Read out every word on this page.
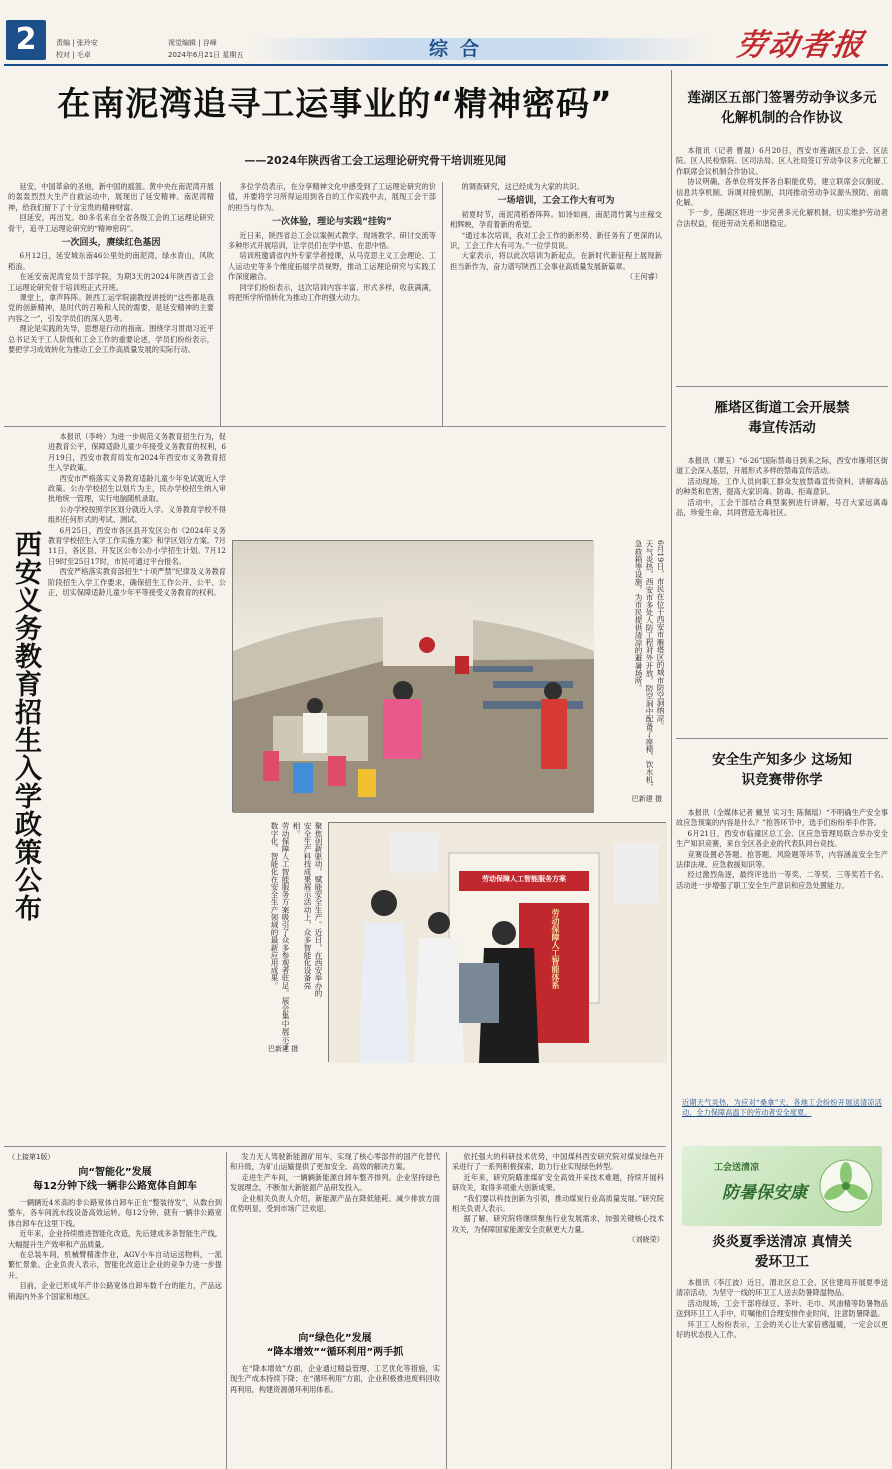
2	责编 | 张玲安
校对 | 毛卓
视觉编辑 | 谷峰
2024年6月21日 星期五	综合	劳动者报
在南泥湾追寻工运事业的“精神密码”
——2024年陕西省工会工运理论研究骨干培训班见闻

延安，中国革命的圣地，新中国的摇篮。黄中央在南泥湾开展的轰轰烈烈大生产自救运动中，展现出了延安精神、南泥湾精神，给我们留下了十分宝贵的精神财富。

回延安，再出发。80多名来自全省各级工会的工运理论研究骨干，追寻工运理论研究的“精神密码”。

一次回头，赓续红色基因

6月12日，延安城东南46公里处的南泥湾，绿水青山，风吹稻浪。

在延安南泥湾党员干部学院，为期3天的2024年陕西省工会工运理论研究骨干培训班正式开班。

课堂上，拿声阵阵。陕西工运学院副教授讲授的“这些都是我党的创新精神，是时代的召唤和人民的需要，是延安精神的主要内容之一”，引发学员们的深入思考。

理论是实践的先导，思想是行动的指南。围绕学习贯彻习近平总书记关于工人阶级和工会工作的重要论述，学员们纷纷表示，要把学习成效转化为推动工会工作高质量发展的实际行动。

多位学员表示，在分享精神文化中感受到了工运理论研究的价值，并要将学习所得运用到各自的工作实践中去，展现工会干部的担当与作为。

一次体验，理论与实践“挂钩”

近日来，陕西省总工会以案例式教学、现场教学、研讨交流等多种形式开展培训，让学员们在学中思、在思中悟。

培训班邀请省内外专家学者授课，从马克思主义工会理论、工人运动史等多个维度拓展学员视野，推动工运理论研究与实践工作深度融合。

同学们纷纷表示，这次培训内容丰富、形式多样，收获满满，将把所学所悟转化为推动工作的强大动力。

的调查研究，这已经成为大家的共识。

一场培训，工会工作大有可为

初夏时节，南泥湾稻香阵阵。如诗如画，南泥湾竹篱与庄稼交相辉映，孕育着新的希望。

“通过本次培训，我对工会工作的新形势、新任务有了更深的认识，工会工作大有可为。”一位学员说。

大家表示，将以此次培训为新起点，在新时代新征程上展现新担当新作为，奋力谱写陕西工会事业高质量发展新篇章。

（王何睿）

西安义务教育招生入学政策公布

本报讯（李岭）为进一步规范义务教育招生行为，促进教育公平，保障适龄儿童少年接受义务教育的权利，6月19日，西安市教育局发布2024年西安市义务教育招生入学政策。

西安市严格落实义务教育适龄儿童少年免试就近入学政策。公办学校招生以划片为主，民办学校招生纳入审批地统一管理，实行电脑随机录取。

公办学校按照学区划分就近入学。义务教育学校不得组织任何形式的考试、测试。

6月25日，西安市各区县开发区公布《2024年义务教育学校招生入学工作实施方案》和学区划分方案。7月11日，各区县、开发区公布公办小学招生计划。7月12日9时至25日17时，市民可通过平台报名。

西安严格落实教育部招生“十项严禁”纪律及义务教育阶段招生入学工作要求，确保招生工作公开、公平、公正，切实保障适龄儿童少年平等接受义务教育的权利。	6月19日，市民在位于西安市雁塔区的城市防空洞纳凉。
天气炎热，西安市多处人防工程对外开放，防空洞中配备了座椅、饮水机、急救箱等设施，为市民提供清凉的避暑场所。
巴新建 摄
聚焦创新驱动，赋能安全生产。近日，在西安举办的安全生产科技成果展示活动上，众多智能化设备亮相。
劳动保障人工智能服务方案吸引了众多参观者驻足。展会集中展示了数字化、智能化在安全生产领域的最新应用成果。
巴新建 摄
劳动保障人工智能服务方案
劳动保障人工智能体系
莲湖区五部门签署劳动争议多元化解机制的合作协议

本报讯（记者 曹晟）6月20日，西安市莲湖区总工会、区法院、区人民检察院、区司法局、区人社局签订劳动争议多元化解工作联席会议机制合作协议。

协议明确，各单位将发挥各自职能优势，建立联席会议制度、信息共享机制、诉调对接机制，共同推动劳动争议源头预防、前端化解。

下一步，莲湖区将进一步完善多元化解机制，切实维护劳动者合法权益，促进劳动关系和谐稳定。

雁塔区街道工会开展禁毒宣传活动

本报讯（谭玉）“6·26”国际禁毒日到来之际，西安市雁塔区街道工会深入基层，开展形式多样的禁毒宣传活动。

活动现场，工作人员向职工群众发放禁毒宣传资料，讲解毒品的种类和危害，提高大家识毒、防毒、拒毒意识。

活动中，工会干部结合典型案例进行讲解，号召大家远离毒品，珍爱生命，共同营造无毒社区。

安全生产知多少 这场知识竞赛带你学

本报讯（全媒体记者 戴昱 实习生 陈佩瑶）“不明确生产安全事故应急预案的内容是什么？”抢答环节中，选手们纷纷举手作答。

6月21日，西安市临潼区总工会、区应急管理局联合举办安全生产知识竞赛，来自全区各企业的代表队同台竞技。

竞赛设置必答题、抢答题、风险题等环节，内容涵盖安全生产法律法规、应急救援知识等。

经过激烈角逐，最终评选出一等奖、二等奖、三等奖若干名。活动进一步增强了职工安全生产意识和应急处置能力。

近期天气炎热，为应对“桑拿”天，各地工会纷纷开展送清凉活动，全力保障高温下的劳动者安全度夏。
工会送清凉
防暑保安康
炎炎夏季送清凉 真情关爱环卫工

本报讯（李江波）近日，渭北区总工会、区住建局开展夏季送清凉活动，为坚守一线的环卫工人送去防暑降温物品。

活动现场，工会干部将绿豆、茶叶、毛巾、风油精等防暑物品送到环卫工人手中，叮嘱他们合理安排作业时间，注意防暑降温。

环卫工人纷纷表示，工会的关心让大家倍感温暖，一定会以更好的状态投入工作。

（上接第1版）
向“智能化”发展
每12分钟下线一辆非公路宽体自卸车

一辆辆近4米高的非公路宽体自卸车正在“整装待发”，从数台到整车，各车间流水线设备高效运转。每12分钟，就有一辆非公路宽体自卸车在这里下线。

近年来，企业持续推进智能化改造，先后建成多条智能生产线，大幅提升生产效率和产品质量。

在总装车间，机械臂精准作业，AGV小车自动运送物料，一派繁忙景象。企业负责人表示，智能化改造让企业的竞争力进一步提升。

目前，企业已形成年产非公路宽体自卸车数千台的能力，产品远销海内外多个国家和地区。

发力无人驾驶新能源矿用车，实现了核心零部件的国产化替代和升级，为矿山运输提供了更加安全、高效的解决方案。

走进生产车间，一辆辆新能源自卸车整齐排列。企业坚持绿色发展理念，不断加大新能源产品研发投入。

企业相关负责人介绍，新能源产品在降低能耗、减少排放方面优势明显，受到市场广泛欢迎。

向“绿色化”发展
“降本增效”“循环利用”两手抓

在“降本增效”方面，企业通过精益管理、工艺优化等措施，实现生产成本持续下降；在“循环利用”方面，企业积极推进废料回收再利用，构建资源循环利用体系。

依托强大的科研技术优势，中国煤科西安研究院对煤炭绿色开采进行了一系列积极探索，助力行业实现绿色转型。

近年来，研究院瞄准煤矿安全高效开采技术难题，持续开展科研攻关，取得多项重大创新成果。

“我们要以科技创新为引领，推动煤炭行业高质量发展。”研究院相关负责人表示。

据了解，研究院将继续聚焦行业发展需求，加强关键核心技术攻关，为保障国家能源安全贡献更大力量。

（刘晓荣）
